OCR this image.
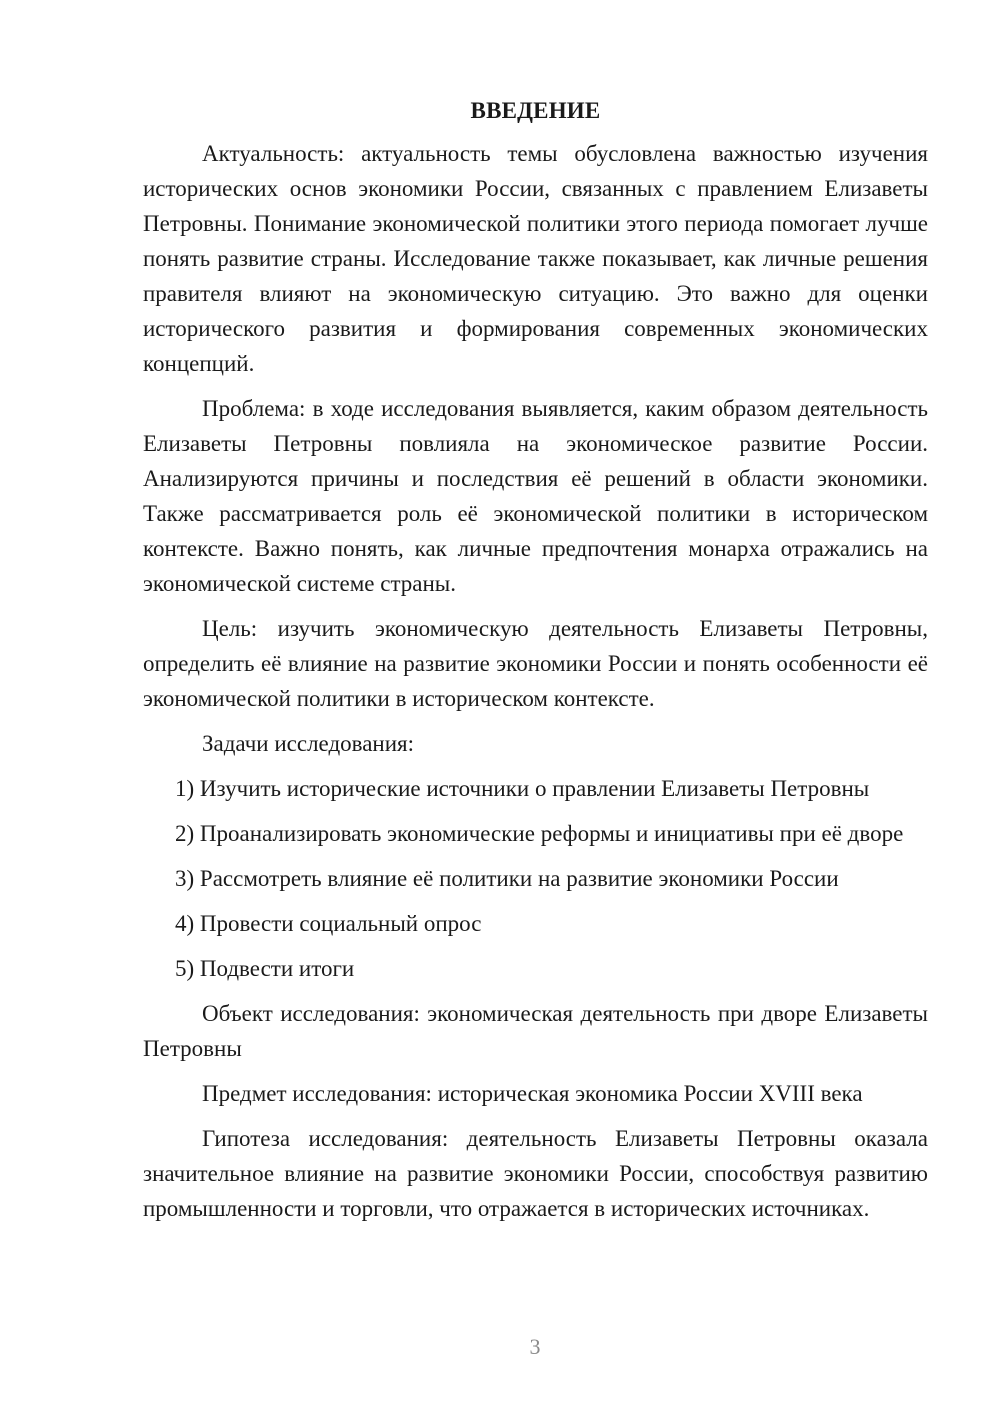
ВВЕДЕНИЕ

Актуальность: актуальность темы обусловлена важностью изучения исторических основ экономики России, связанных с правлением Елизаветы Петровны. Понимание экономической политики этого периода помогает лучше понять развитие страны. Исследование также показывает, как личные решения правителя влияют на экономическую ситуацию. Это важно для оценки исторического развития и формирования современных экономических концепций.

Проблема: в ходе исследования выявляется, каким образом деятельность Елизаветы Петровны повлияла на экономическое развитие России. Анализируются причины и последствия её решений в области экономики. Также рассматривается роль её экономической политики в историческом контексте. Важно понять, как личные предпочтения монарха отражались на экономической системе страны.

Цель: изучить экономическую деятельность Елизаветы Петровны, определить её влияние на развитие экономики России и понять особенности её экономической политики в историческом контексте.

Задачи исследования:

1) Изучить исторические источники о правлении Елизаветы Петровны

2) Проанализировать экономические реформы и инициативы при её дворе

3) Рассмотреть влияние её политики на развитие экономики России

4) Провести социальный опрос

5) Подвести итоги

Объект исследования: экономическая деятельность при дворе Елизаветы Петровны

Предмет исследования: историческая экономика России XVIII века

Гипотеза исследования: деятельность Елизаветы Петровны оказала значительное влияние на развитие экономики России, способствуя развитию промышленности и торговли, что отражается в исторических источниках.

3
